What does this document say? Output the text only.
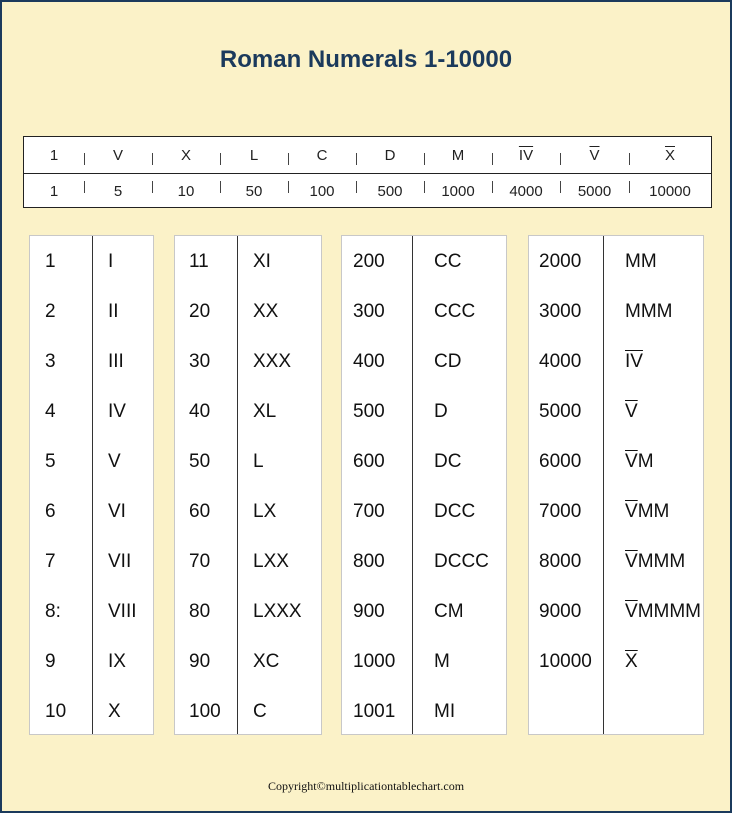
Roman Numerals 1-10000
1	V	X	L	C	D	M	$\overline{IV}$	$\overline{V}$	$\overline{X}$
1	5	10	50	100	500	1000	4000	5000	10000
1	I
2	II
3	III
4	IV
5	V
6	VI
7	VII
8: VIII
9	IX
10 X
11 XI
20 XX
30 XXX
40 XL
50 L
60 LX
70 LXX
80 LXXX
90 XC
100 C
200	CC
300	CCC
400	CD
500	D
600	DC
700	DCC
800	DCCC
900	CM
1000 M
1001 MI
2000 MM
3000 MMM
4000 $\overline{IV}$
5000 $\overline{V}$
6000 $\overline{V}M$
7000 $\overline{V}MM$
8000 $\overline{V}MMM$
9000 $\overline{V}MMMM$
10000 $\overline{X}$
Copyright©multiplicationtablechart.com
